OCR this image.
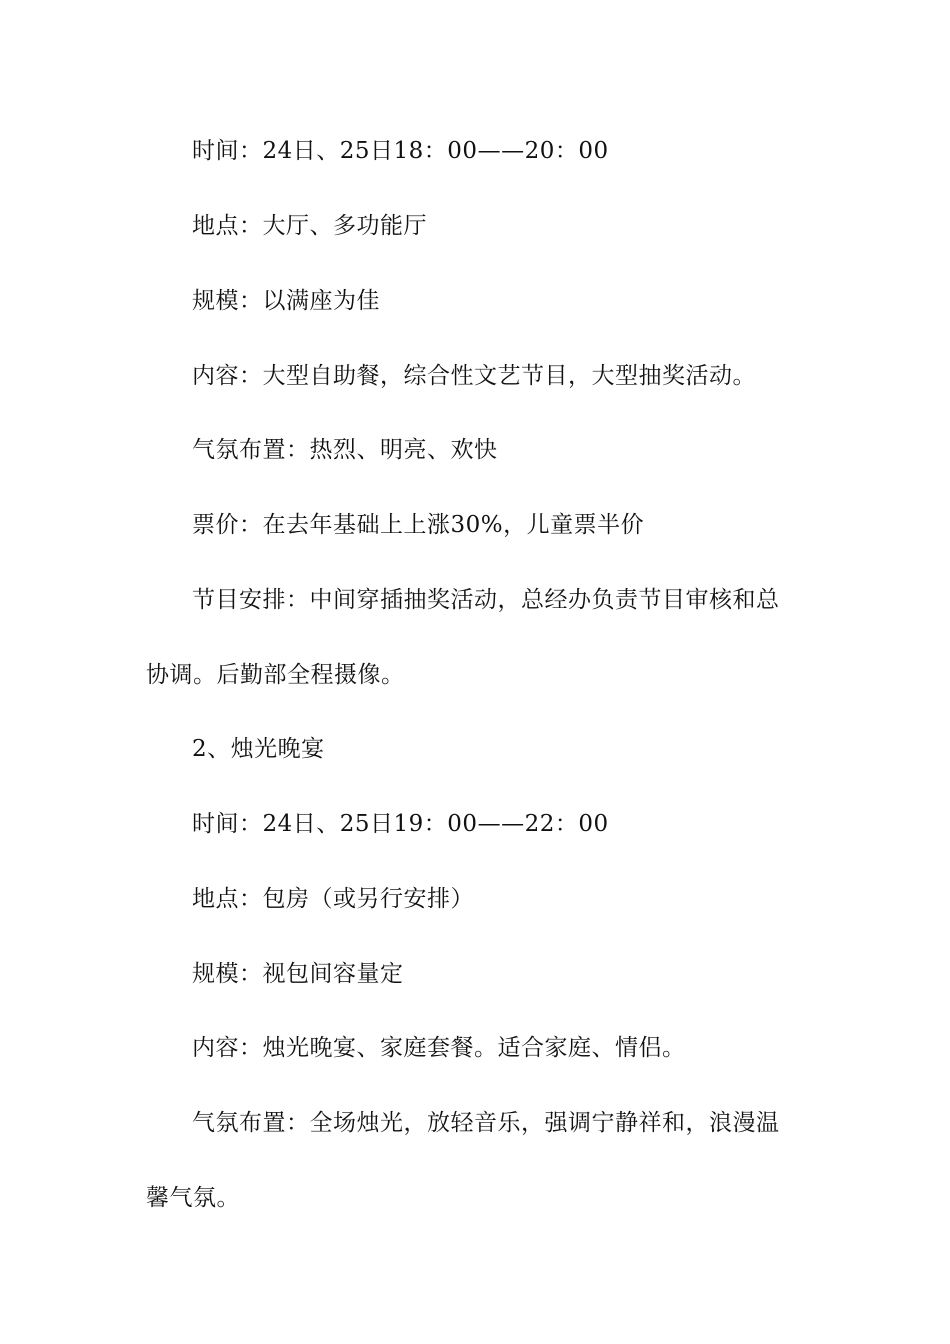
时间：24日、25日18：00——20：00
地点：大厅、多功能厅
规模：以满座为佳
内容：大型自助餐，综合性文艺节目，大型抽奖活动。
气氛布置：热烈、明亮、欢快
票价：在去年基础上上涨30%，儿童票半价
节目安排：中间穿插抽奖活动，总经办负责节目审核和总
协调。后勤部全程摄像。
2、烛光晚宴
时间：24日、25日19：00——22：00
地点：包房（或另行安排）
规模：视包间容量定
内容：烛光晚宴、家庭套餐。适合家庭、情侣。
气氛布置：全场烛光，放轻音乐，强调宁静祥和，浪漫温
馨气氛。
